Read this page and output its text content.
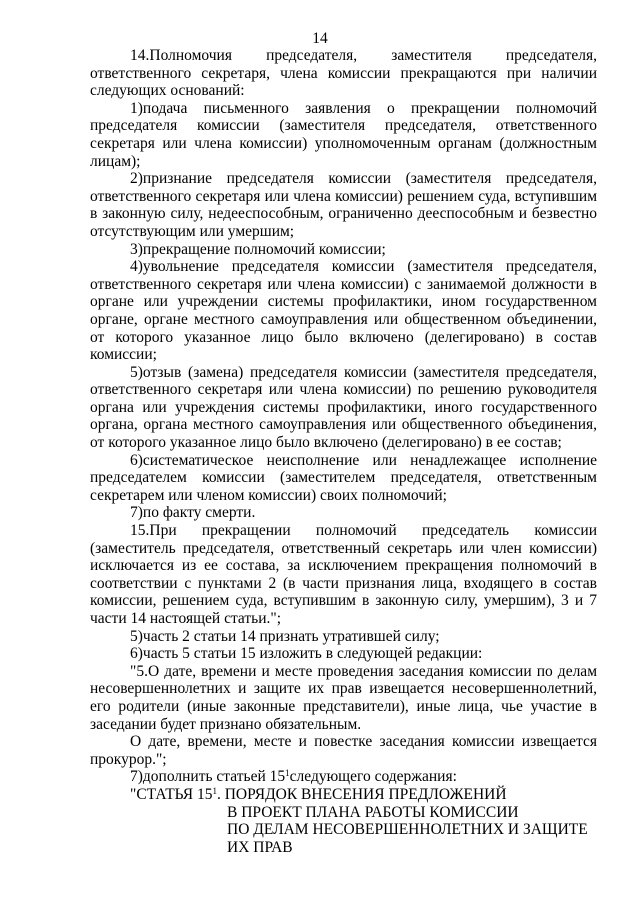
14

14.Полномочия председателя, заместителя председателя, ответственного секретаря, члена комиссии прекращаются при наличии следующих оснований:

1)подача письменного заявления о прекращении полномочий председателя комиссии (заместителя председателя, ответственного секретаря или члена комиссии) уполномоченным органам (должностным лицам);

2)признание председателя комиссии (заместителя председателя, ответственного секретаря или члена комиссии) решением суда, вступившим в законную силу, недееспособным, ограниченно дееспособным и безвестно отсутствующим или умершим;

3)прекращение полномочий комиссии;

4)увольнение председателя комиссии (заместителя председателя, ответственного секретаря или члена комиссии) с занимаемой должности в органе или учреждении системы профилактики, ином государственном органе, органе местного самоуправления или общественном объединении, от которого указанное лицо было включено (делегировано) в состав комиссии;

5)отзыв (замена) председателя комиссии (заместителя председателя, ответственного секретаря или члена комиссии) по решению руководителя органа или учреждения системы профилактики, иного государственного органа, органа местного самоуправления или общественного объединения, от которого указанное лицо было включено (делегировано) в ее состав;

6)систематическое неисполнение или ненадлежащее исполнение председателем комиссии (заместителем председателя, ответственным секретарем или членом комиссии) своих полномочий;

7)по факту смерти.

15.При прекращении полномочий председатель комиссии (заместитель председателя, ответственный секретарь или член комиссии) исключается из ее состава, за исключением прекращения полномочий в соответствии с пунктами 2 (в части признания лица, входящего в состав комиссии, решением суда, вступившим в законную силу, умершим), 3 и 7 части 14 настоящей статьи.";

5)часть 2 статьи 14 признать утратившей силу;

6)часть 5 статьи 15 изложить в следующей редакции:

"5.О дате, времени и месте проведения заседания комиссии по делам несовершеннолетних и защите их прав извещается несовершеннолетний, его родители (иные законные представители), иные лица, чье участие в заседании будет признано обязательным.

О дате, времени, месте и повестке заседания комиссии извещается прокурор.";

7)дополнить статьей $15^1следующего$ содержания:

"СТАТЬЯ $15^1$. ПОРЯДОК ВНЕСЕНИЯ ПРЕДЛОЖЕНИЙ
В ПРОЕКТ ПЛАНА РАБОТЫ КОМИССИИ
ПО ДЕЛАМ НЕСОВЕРШЕННОЛЕТНИХ И ЗАЩИТЕ
ИХ ПРАВ
